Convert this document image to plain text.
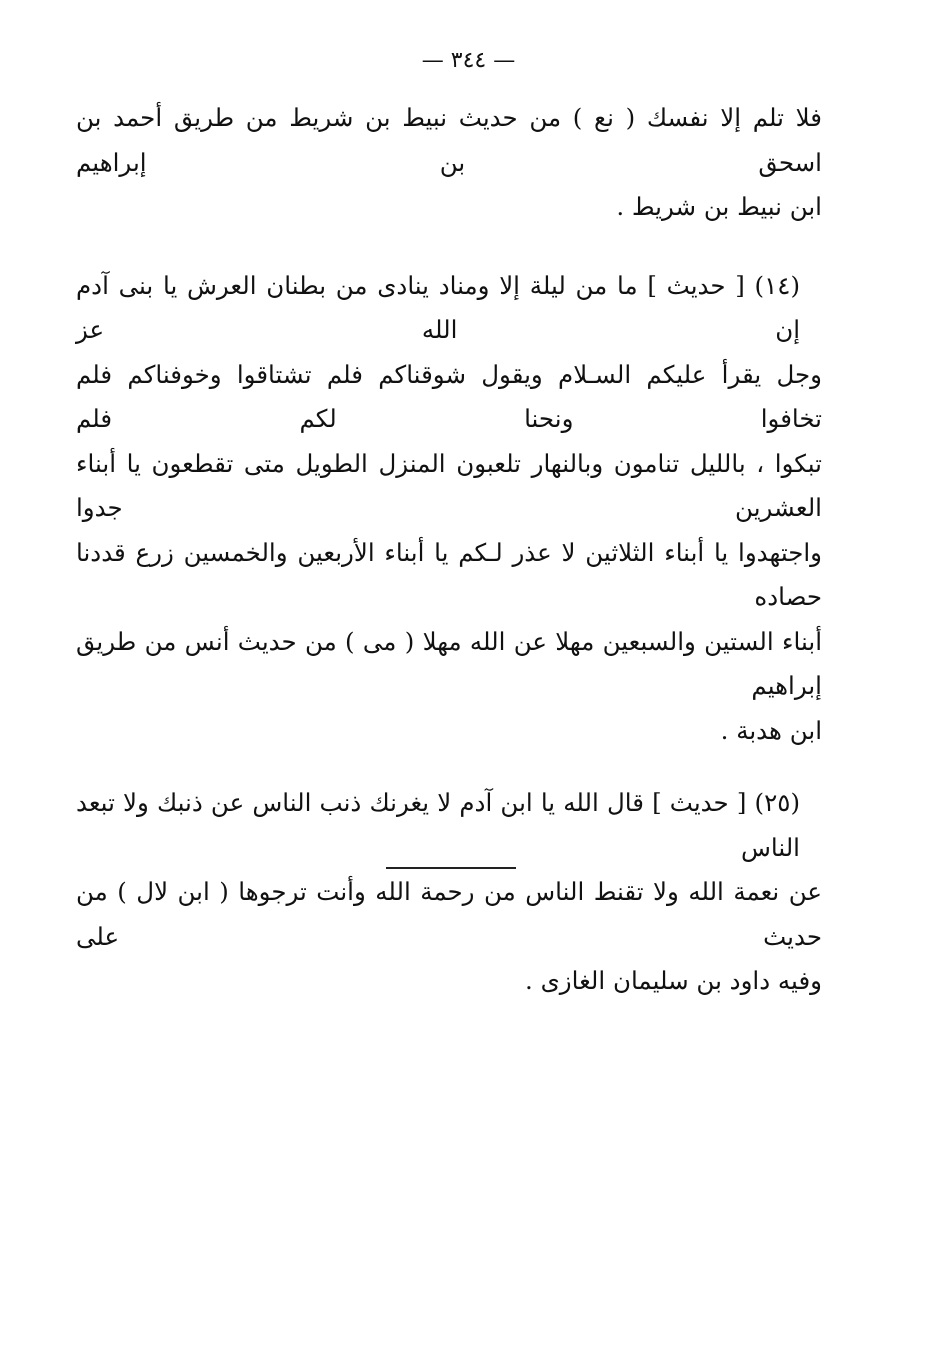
— ٣٤٤ —

فلا تلم إلا نفسك ( نع ) من حديث نبيط بن شريط من طريق أحمد بن اسحق بن إبراهيم
ابن نبيط بن شريط .

(١٤) [ حديث ] ما من ليلة إلا ومناد ينادى من بطنان العرش يا بنى آدم إن الله عز
وجل يقرأ عليكم السـلام ويقول شوقناكم فلم تشتاقوا وخوفناكم فلم تخافوا ونحنا لكم فلم
تبكوا ، بالليل تنامون وبالنهار تلعبون المنزل الطويل متى تقطعون يا أبناء العشرين جدوا
واجتهدوا يا أبناء الثلاثين لا عذر لـكم يا أبناء الأربعين والخمسين زرع قددنا حصاده
أبناء الستين والسبعين مهلا عن الله مهلا ( مى ) من حديث أنس من طريق إبراهيم
ابن هدبة .

(٢٥) [ حديث ] قال الله يا ابن آدم لا يغرنك ذنب الناس عن ذنبك ولا تبعد الناس
عن نعمة الله ولا تقنط الناس من رحمة الله وأنت ترجوها ( ابن لال ) من حديث على
وفيه داود بن سليمان الغازى .
